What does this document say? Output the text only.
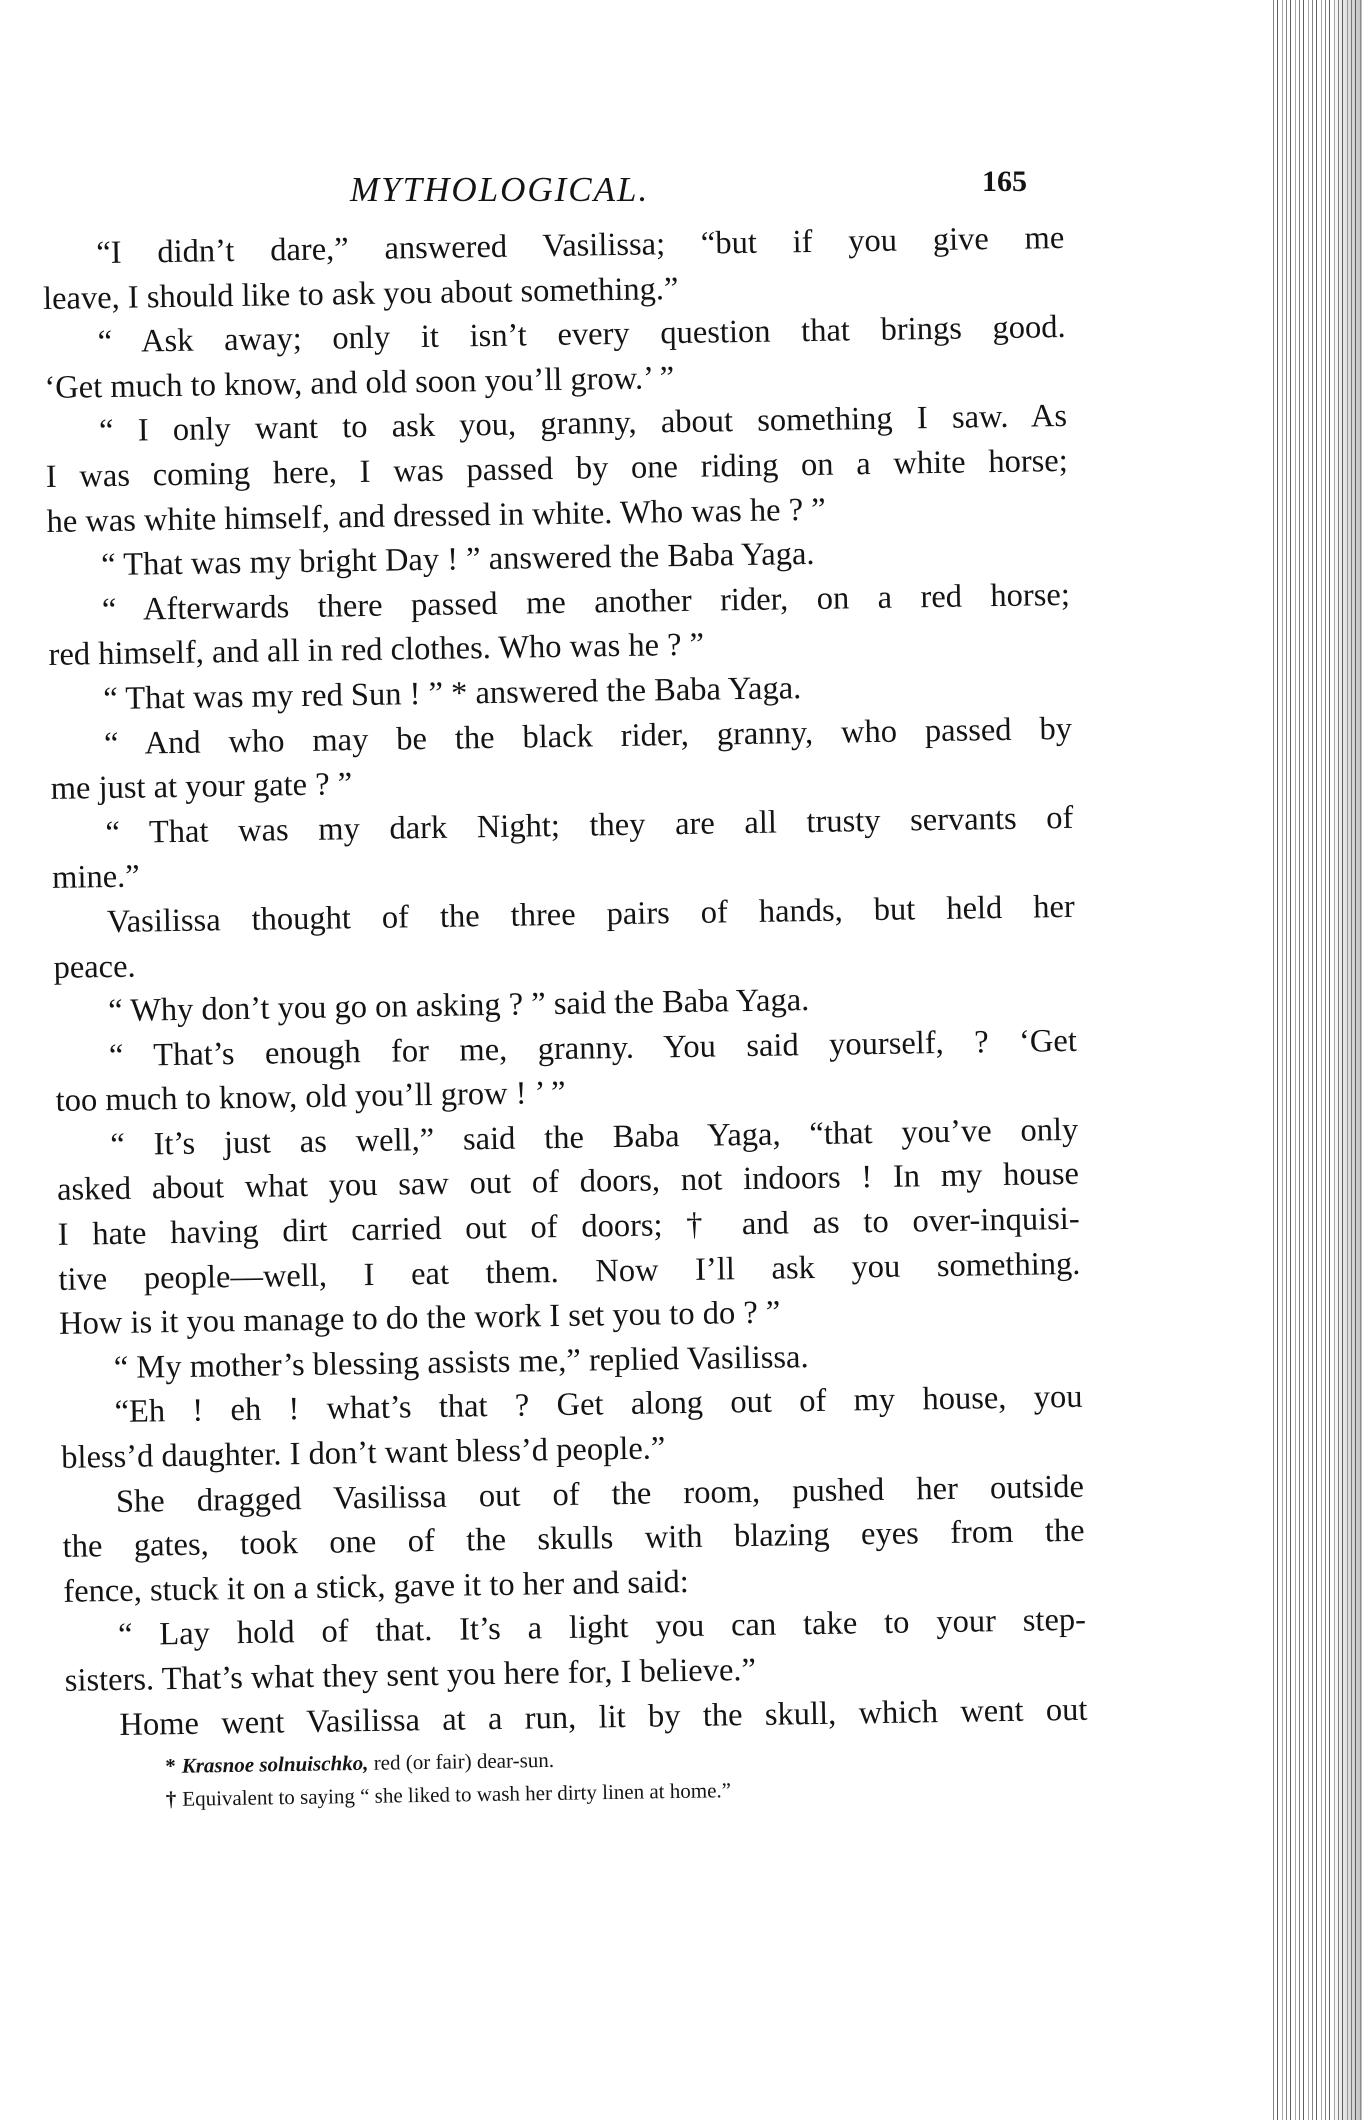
MYTHOLOGICAL.	165
“I didn’t dare,” answered Vasilissa; “but if you give me
leave, I should like to ask you about something.”
“ Ask away; only it isn’t every question that brings good.
‘Get much to know, and old soon you’ll grow.’ ”
“ I only want to ask you, granny, about something I saw. As
I was coming here, I was passed by one riding on a white horse;
he was white himself, and dressed in white. Who was he ? ”
“ That was my bright Day ! ” answered the Baba Yaga.
“ Afterwards there passed me another rider, on a red horse;
red himself, and all in red clothes. Who was he ? ”
“ That was my red Sun ! ” * answered the Baba Yaga.
“ And who may be the black rider, granny, who passed by
me just at your gate ? ”
“ That was my dark Night; they are all trusty servants of
mine.”
Vasilissa thought of the three pairs of hands, but held her
peace.
“ Why don’t you go on asking ? ” said the Baba Yaga.
“ That’s enough for me, granny. You said yourself, ? ‘Get
too much to know, old you’ll grow ! ’ ”
“ It’s just as well,” said the Baba Yaga, “that you’ve only
asked about what you saw out of doors, not indoors ! In my house
I hate having dirt carried out of doors; † and as to over-inquisi-
tive people—well, I eat them. Now I’ll ask you something.
How is it you manage to do the work I set you to do ? ”
“ My mother’s blessing assists me,” replied Vasilissa.
“Eh ! eh ! what’s that ? Get along out of my house, you
bless’d daughter. I don’t want bless’d people.”
She dragged Vasilissa out of the room, pushed her outside
the gates, took one of the skulls with blazing eyes from the
fence, stuck it on a stick, gave it to her and said:
“ Lay hold of that. It’s a light you can take to your step-
sisters. That’s what they sent you here for, I believe.”
Home went Vasilissa at a run, lit by the skull, which went out
* Krasnoe solnuischko, red (or fair) dear-sun.
† Equivalent to saying “ she liked to wash her dirty linen at home.”
